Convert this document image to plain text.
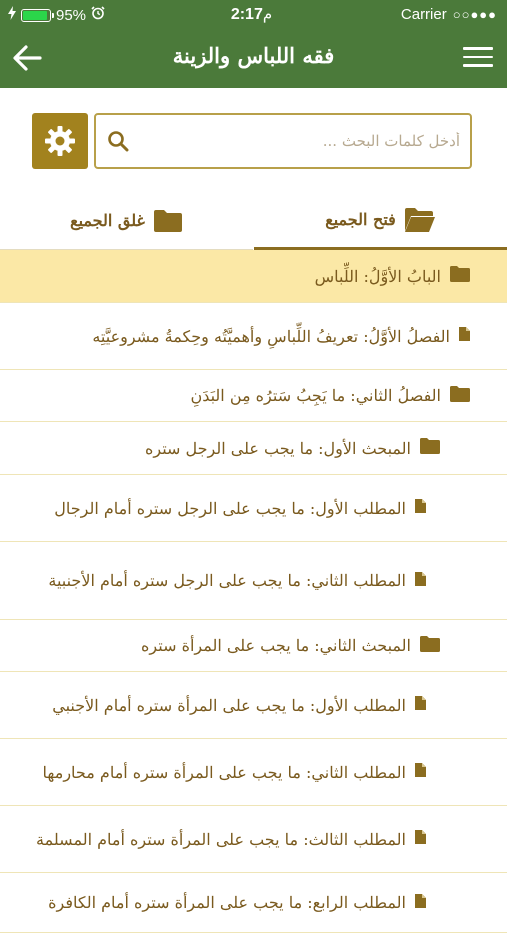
95%	م2:17	Carrier ○○●●●
فقه اللباس والزينة
أدخل كلمات البحث ...
غلق الجميع	فتح الجميع
البابُ الأوَّلُ: اللِّباس
الفصلُ الأوَّلُ: تعريفُ اللِّباسِ وأهميَّتُه وحِكمةُ مشروعيَّتِه
الفصلُ الثاني: ما يَجِبُ سَترُه مِن البَدَنِ
المبحث الأول: ما يجب على الرجل ستره
المطلب الأول: ما يجب على الرجل ستره أمام الرجال
المطلب الثاني: ما يجب على الرجل ستره أمام الأجنبية
المبحث الثاني: ما يجب على المرأة ستره
المطلب الأول: ما يجب على المرأة ستره أمام الأجنبي
المطلب الثاني: ما يجب على المرأة ستره أمام محارمها
المطلب الثالث: ما يجب على المرأة ستره أمام المسلمة
المطلب الرابع: ما يجب على المرأة ستره أمام الكافرة
